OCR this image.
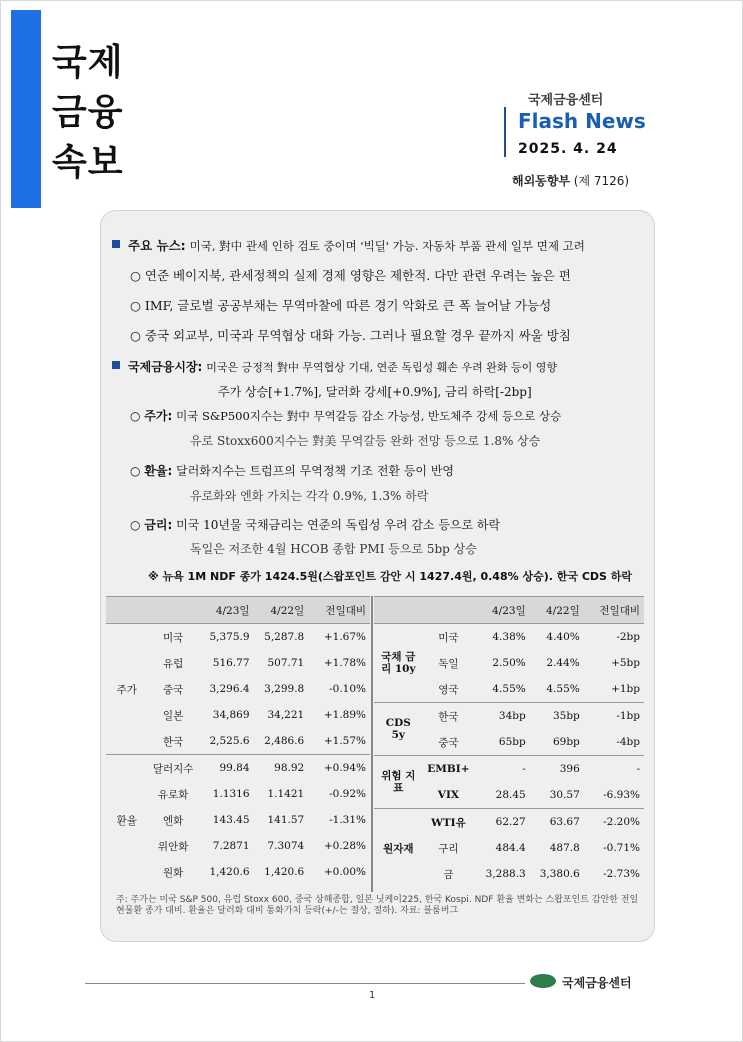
국제
금융
속보
국제금융센터
Flash News
2025. 4. 24
해외동향부 (제 7126)
주요 뉴스: 미국, 對中 관세 인하 검토 중이며 '빅딜' 가능. 자동차 부품 관세 일부 면제 고려
○ 연준 베이지북, 관세정책의 실제 경제 영향은 제한적. 다만 관련 우려는 높은 편
○ IMF, 글로벌 공공부채는 무역마찰에 따른 경기 악화로 큰 폭 늘어날 가능성
○ 중국 외교부, 미국과 무역협상 대화 가능. 그러나 필요할 경우 끝까지 싸울 방침
국제금융시장: 미국은 긍정적 對中 무역협상 기대, 연준 독립성 훼손 우려 완화 등이 영향
주가 상승[+1.7%], 달러화 강세[+0.9%], 금리 하락[-2bp]
○ 주가: 미국 S&P500지수는 對中 무역갈등 감소 가능성, 반도체주 강세 등으로 상승
유로 Stoxx600지수는 對美 무역갈등 완화 전망 등으로 1.8% 상승
○ 환율: 달러화지수는 트럼프의 무역정책 기조 전환 등이 반영
유로화와 엔화 가치는 각각 0.9%, 1.3% 하락
○ 금리: 미국 10년물 국채금리는 연준의 독립성 우려 감소 등으로 하락
독일은 저조한 4월 HCOB 종합 PMI 등으로 5bp 상승
※ 뉴욕 1M NDF 종가 1424.5원(스왑포인트 감안 시 1427.4원, 0.48% 상승). 한국 CDS 하락
		4/23일	4/22일	전일대비
주가	미국	5,375.9	5,287.8	+1.67%
	유럽	516.77	507.71	+1.78%
	중국	3,296.4	3,299.8	-0.10%
	일본	34,869	34,221	+1.89%
	한국	2,525.6	2,486.6	+1.57%
환율	달러지수	99.84	98.92	+0.94%
	유로화	1.1316	1.1421	-0.92%
	엔화	143.45	141.57	-1.31%
	위안화	7.2871	7.3074	+0.28%
	원화	1,420.6	1,420.6	+0.00%
		4/23일	4/22일	전일대비
국채 금리 10y	미국	4.38%	4.40%	-2bp
	독일	2.50%	2.44%	+5bp
	영국	4.55%	4.55%	+1bp
CDS 5y	한국	34bp	35bp	-1bp
	중국	65bp	69bp	-4bp
위험 지표	EMBI+	-	396	-
	VIX	28.45	30.57	-6.93%
원자재	WTI유	62.27	63.67	-2.20%
	구리	484.4	487.8	-0.71%
	금	3,288.3	3,380.6	-2.73%
주: 주가는 미국 S&P 500, 유럽 Stoxx 600, 중국 상해종합, 일본 닛케이225, 한국 Kospi. NDF 환율 변화는 스왑포인트 감안한 전일 현물환 종가 대비. 환율은 달러화 대비 통화가치 등락(+/-는 절상, 절하). 자료: 블룸버그
국제금융센터
1
